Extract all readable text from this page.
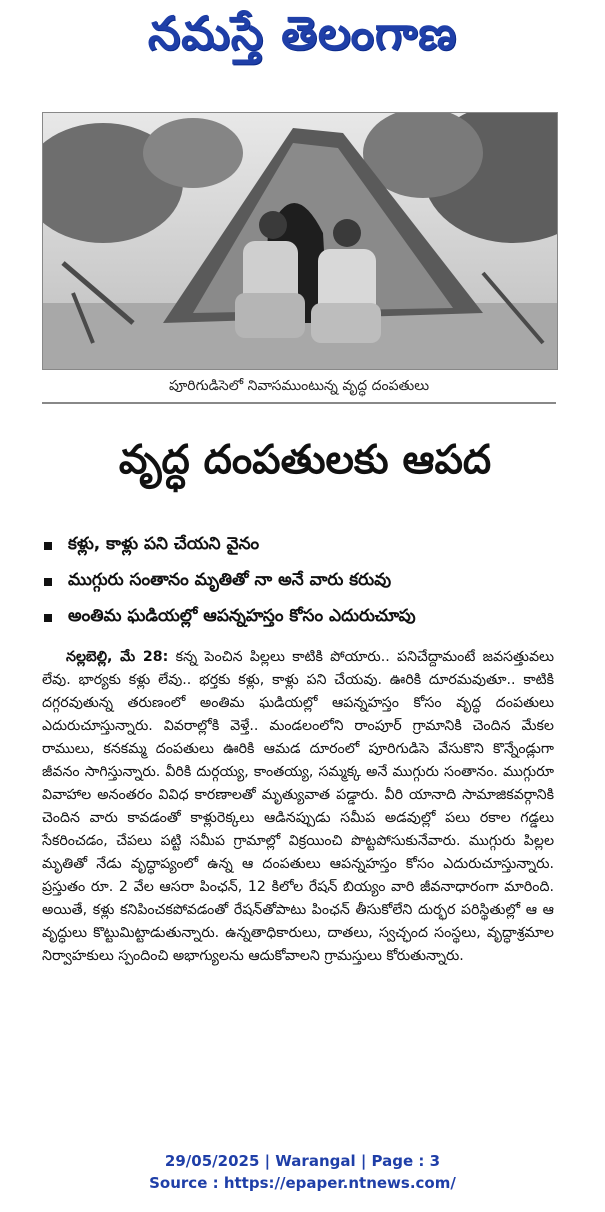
నమస్తే తెలంగాణ
పూరిగుడిసెలో నివాసముంటున్న వృద్ధ దంపతులు
వృద్ధ దంపతులకు ఆపద
కళ్లు, కాళ్లు పని చేయని వైనం
ముగ్గురు సంతానం మృతితో నా అనే వారు కరువు
అంతిమ ఘడియల్లో ఆపన్నహస్తం కోసం ఎదురుచూపు
నల్లబెల్లి, మే 28: కన్న పెంచిన పిల్లలు కాటికి పోయారు.. పనిచేద్దామంటే జవసత్తువలు లేవు. భార్యకు కళ్లు లేవు.. భర్తకు కళ్లు, కాళ్లు పని చేయవు. ఊరికి దూరమవుతూ.. కాటికి దగ్గరవుతున్న తరుణంలో అంతిమ ఘడియల్లో ఆపన్నహస్తం కోసం వృద్ధ దంపతులు ఎదురుచూస్తున్నారు. వివరాల్లోకి వెళ్తే.. మండలంలోని రాంపూర్ గ్రామానికి చెందిన మేకల రాములు, కనకమ్మ దంపతులు ఊరికి ఆమడ దూరంలో పూరిగుడిసె వేసుకొని కొన్నేండ్లుగా జీవనం సాగిస్తున్నారు. వీరికి దుర్గయ్య, కాంతయ్య, సమ్మక్క అనే ముగ్గురు సంతానం. ముగ్గురూ వివాహాల అనంతరం వివిధ కారణాలతో మృత్యువాత పడ్డారు. వీరి యానాది సామాజికవర్గానికి చెందిన వారు కావడంతో కాళ్లురెక్కలు ఆడినప్పుడు సమీప అడవుల్లో పలు రకాల గడ్డలు సేకరించడం, చేపలు పట్టి సమీప గ్రామాల్లో విక్రయించి పొట్టపోసుకునేవారు. ముగ్గురు పిల్లల మృతితో నేడు వృద్ధాప్యంలో ఉన్న ఆ దంపతులు ఆపన్నహస్తం కోసం ఎదురుచూస్తున్నారు. ప్రస్తుతం రూ. 2 వేల ఆసరా పింఛన్, 12 కిలోల రేషన్ బియ్యం వారి జీవనాధారంగా మారింది. అయితే, కళ్లు కనిపించకపోవడంతో రేషన్‌తోపాటు పింఛన్ తీసుకోలేని దుర్భర పరిస్థితుల్లో ఆ ఆ వృద్ధులు కొట్టుమిట్టాడుతున్నారు. ఉన్నతాధికారులు, దాతలు, స్వచ్ఛంద సంస్థలు, వృద్ధాశ్రమాల నిర్వాహకులు స్పందించి అభాగ్యులను ఆదుకోవాలని గ్రామస్తులు కోరుతున్నారు.
29/05/2025 | Warangal | Page : 3
Source : https://epaper.ntnews.com/
